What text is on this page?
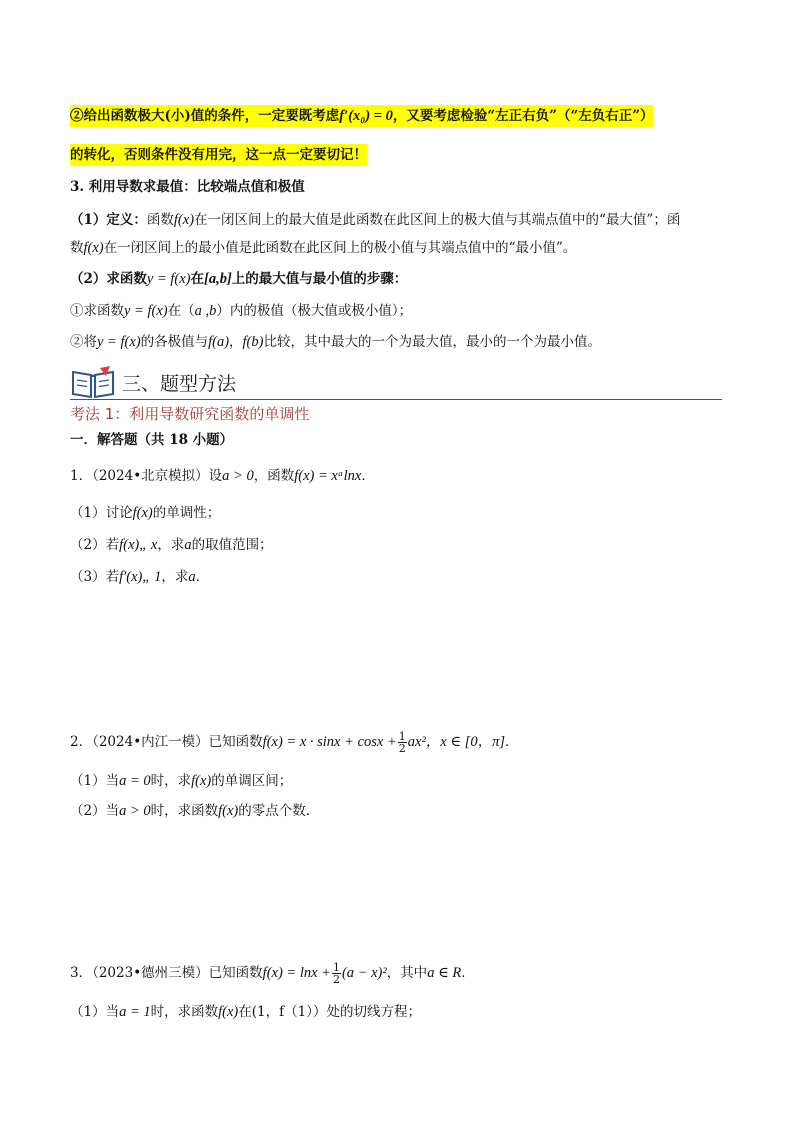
②给出函数极大(小)值的条件，一定要既考虑f′(x₀) = 0，又要考虑检验“左正右负”（“左负右正”）
的转化，否则条件没有用完，这一点一定要切记！
3. 利用导数求最值：比较端点值和极值
（1）定义：函数f(x)在一闭区间上的最大值是此函数在此区间上的极大值与其端点值中的“最大值”；函
数f(x)在一闭区间上的最小值是此函数在此区间上的极小值与其端点值中的“最小值”。
（2）求函数y = f(x)在[a,b]上的最大值与最小值的步骤：
①求函数y = f(x)在（a ,b）内的极值（极大值或极小值）；
②将y = f(x)的各极值与f(a)，f(b)比较，其中最大的一个为最大值，最小的一个为最小值。
三、题型方法
考法 1：利用导数研究函数的单调性
一．解答题（共 18 小题）
1．（2024•北京模拟）设a > 0，函数f(x) = xᵃlnx．
（1）讨论f(x)的单调性；
（2）若f(x)„ x，求a的取值范围；
（3）若f′(x)„ 1，求a．
2．（2024•内江一模）已知函数$f(x) = x \cdot \sin x + \cos x + \frac{1}{2} ax^2$，x ∈ [0，π]．
（1）当a = 0时，求f(x)的单调区间；
（2）当a > 0时，求函数f(x)的零点个数．
3．（2023•德州三模）已知函数$f(x) = \ln x + \frac{1}{2} (a - x)^2$，其中a ∈ R．
（1）当a = 1时，求函数f(x)在(1，f（1））处的切线方程；
